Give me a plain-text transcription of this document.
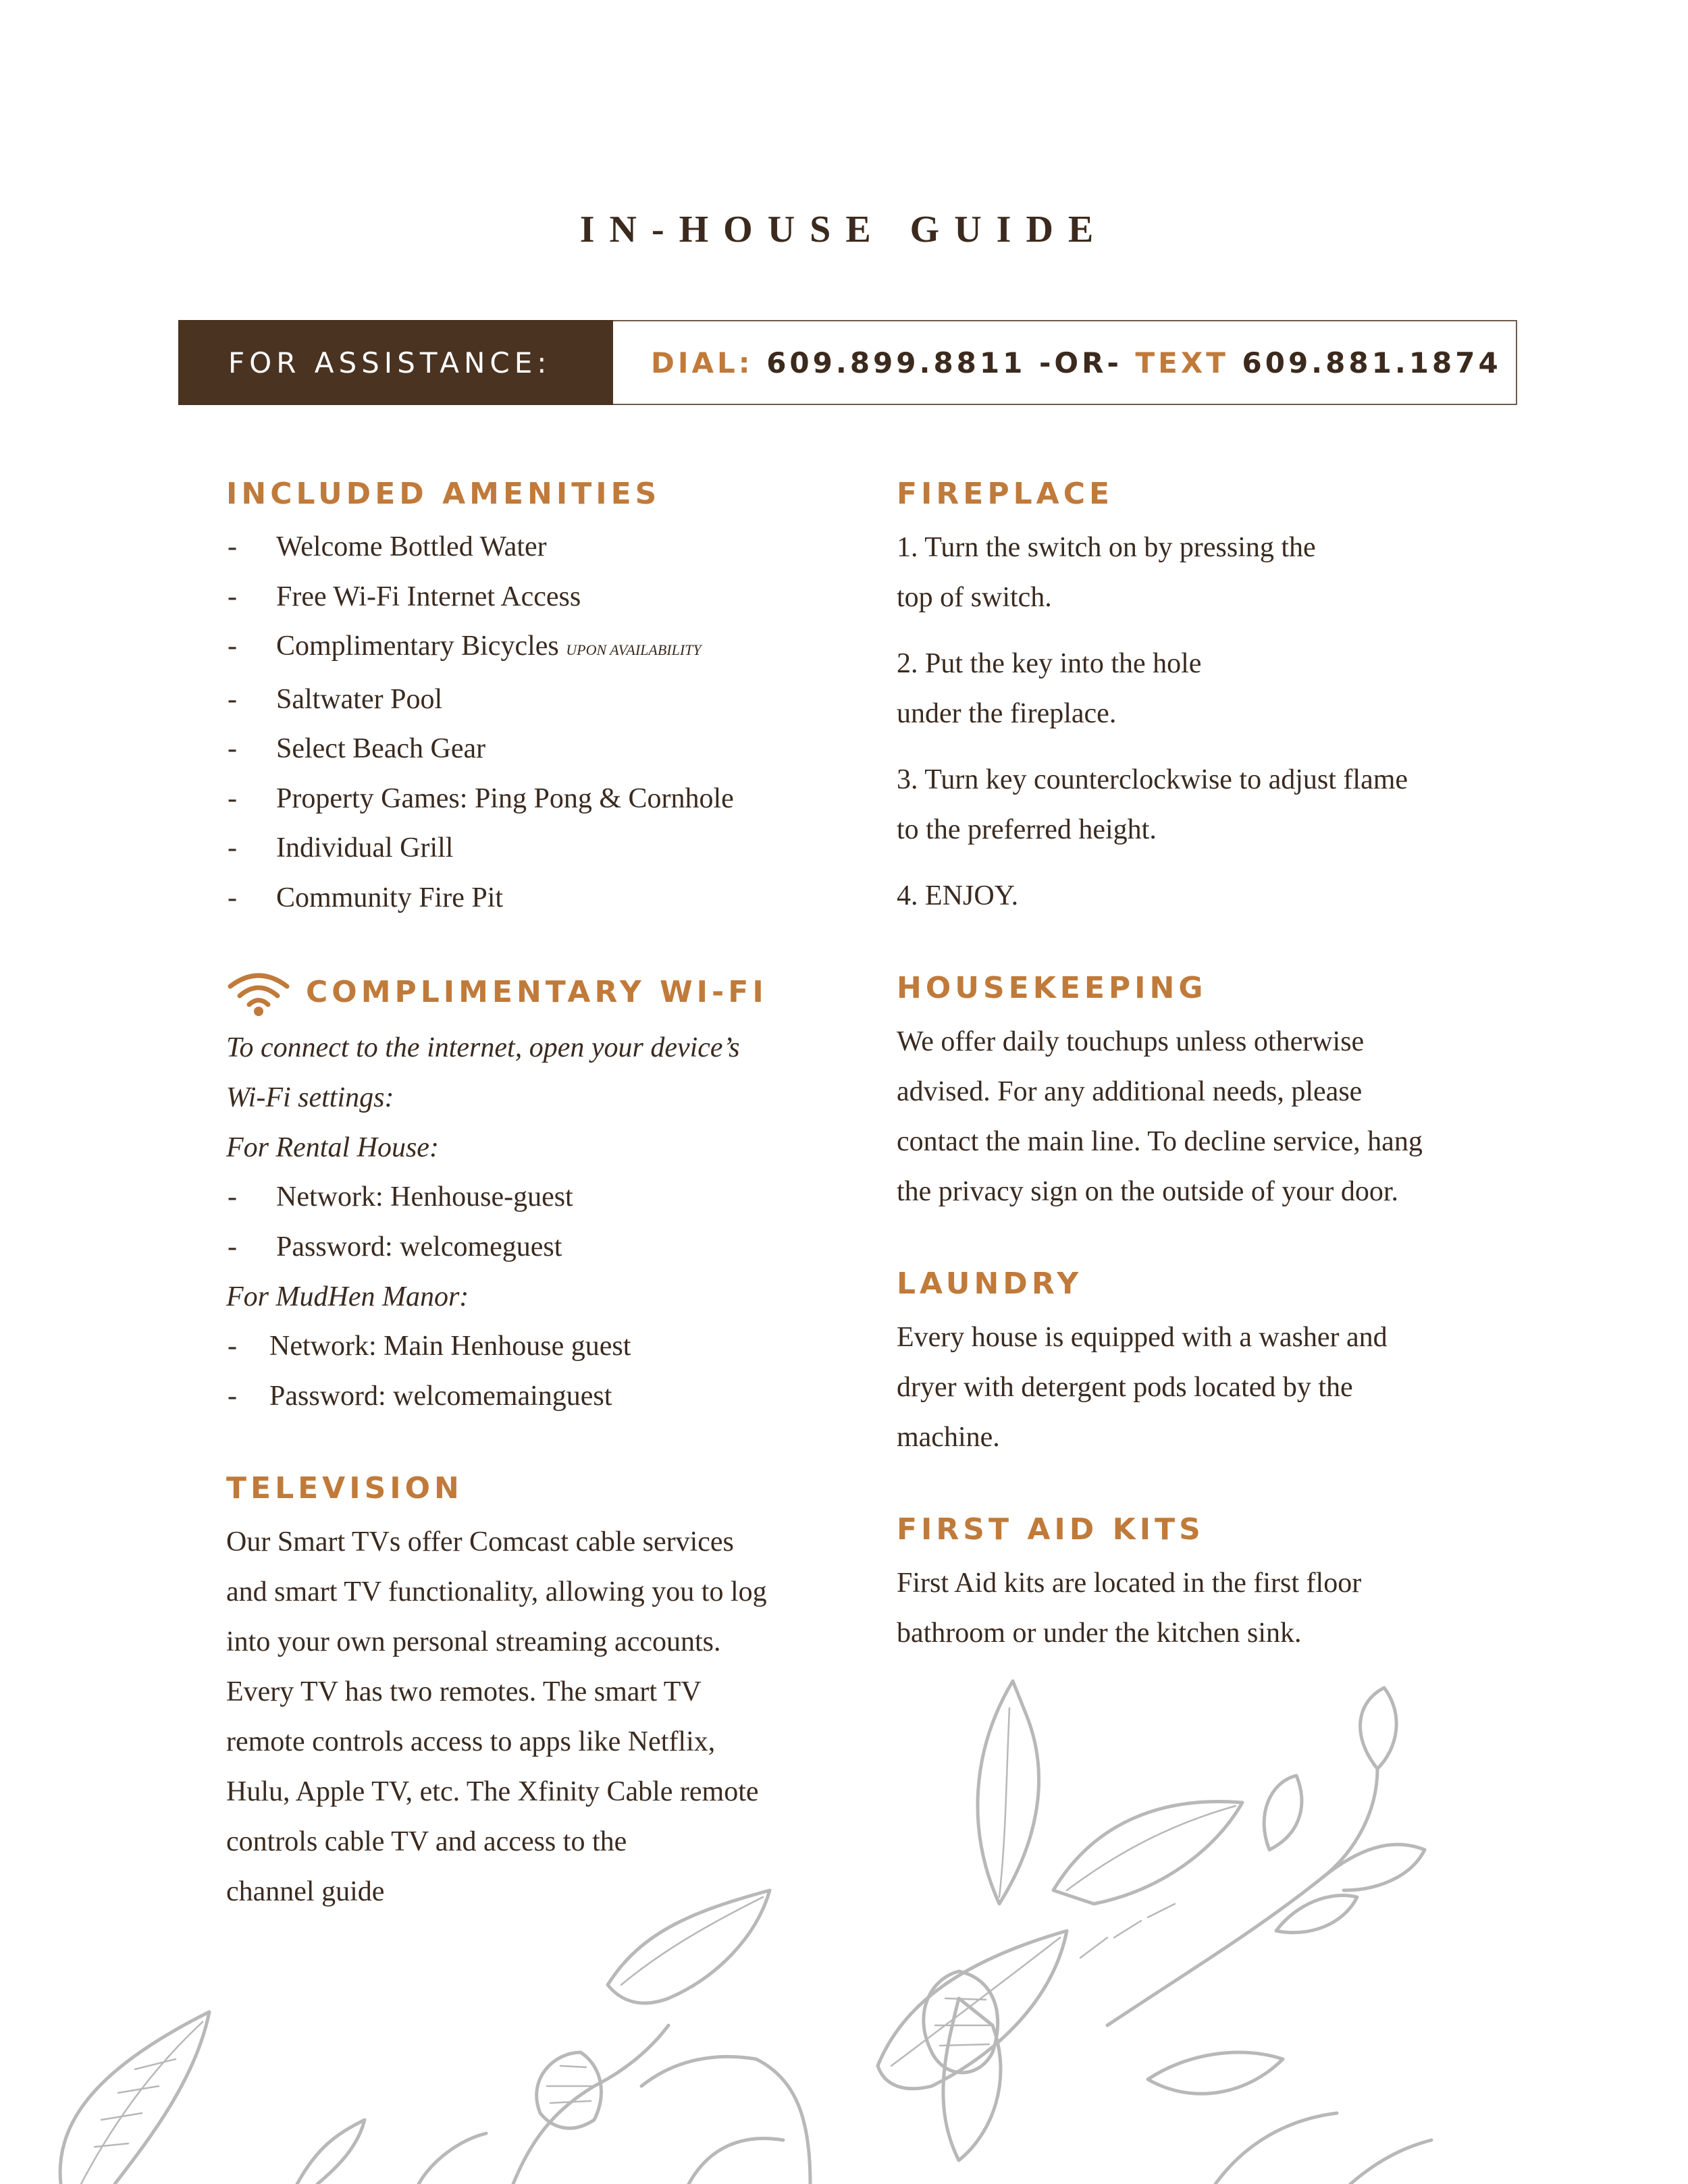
IN-HOUSE GUIDE
FOR ASSISTANCE:	DIAL:
609.899.8811
-OR-
TEXT
609.881.1874
INCLUDED AMENITIES
- Welcome Bottled Water
- Free Wi-Fi Internet Access
- Complimentary Bicycles UPON AVAILABILITY
- Saltwater Pool
- Select Beach Gear
- Property Games: Ping Pong & Cornhole
- Individual Grill
- Community Fire Pit
COMPLIMENTARY WI-FI

To connect to the internet, open your device’s
Wi-Fi settings:

For Rental House:

- Network: Henhouse-guest
- Password: welcomeguest

For MudHen Manor:

- Network: Main Henhouse guest
- Password: welcomemainguest
TELEVISION

Our Smart TVs offer Comcast cable services
and smart TV functionality, allowing you to log
into your own personal streaming accounts.
Every TV has two remotes. The smart TV
remote controls access to apps like Netflix,
Hulu, Apple TV, etc. The Xfinity Cable remote
controls cable TV and access to the
channel guide

FIREPLACE

1. Turn the switch on by pressing the
top of switch.

2. Put the key into the hole
under the fireplace.

3. Turn key counterclockwise to adjust flame
to the preferred height.

4. ENJOY.

HOUSEKEEPING

We offer daily touchups unless otherwise
advised. For any additional needs, please
contact the main line. To decline service, hang
the privacy sign on the outside of your door.

LAUNDRY

Every house is equipped with a washer and
dryer with detergent pods located by the
machine.

FIRST AID KITS

First Aid kits are located in the first floor
bathroom or under the kitchen sink.
